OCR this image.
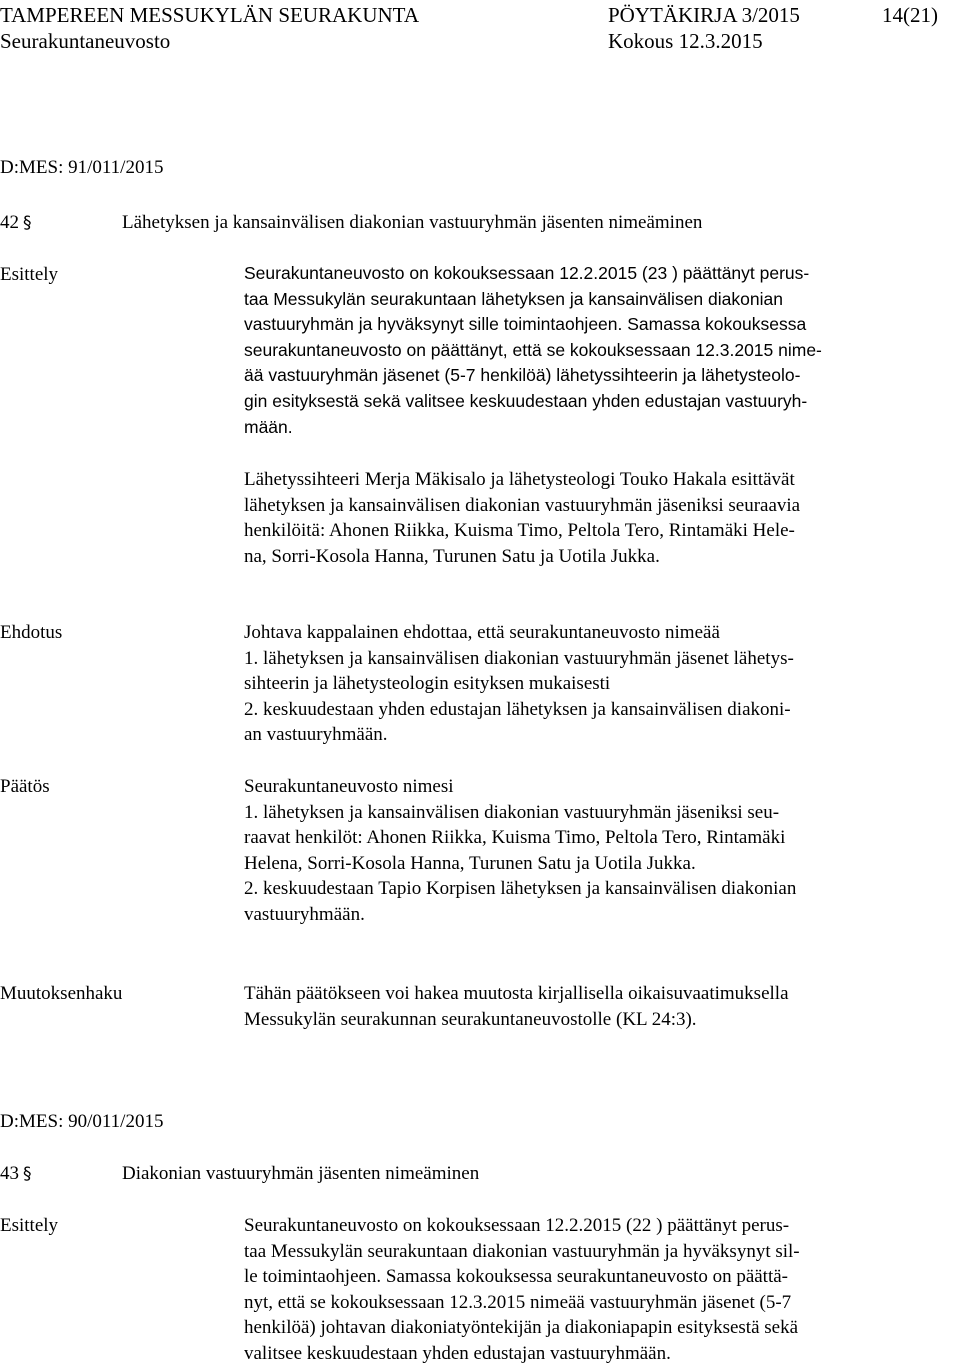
TAMPEREEN MESSUKYLÄN SEURAKUNTA	PÖYTÄKIRJA 3/2015	14(21)
Seurakuntaneuvosto	Kokous 12.3.2015
D:MES: 91/011/2015
42 §	Lähetyksen ja kansainvälisen diakonian vastuuryhmän jäsenten nimeäminen
Esittely	Seurakuntaneuvosto on kokouksessaan 12.2.2015 (23 ) päättänyt perus-
taa Messukylän seurakuntaan lähetyksen ja kansainvälisen diakonian
vastuuryhmän ja hyväksynyt sille toimintaohjeen. Samassa kokouksessa
seurakuntaneuvosto on päättänyt, että se kokouksessaan 12.3.2015 nime-
ää vastuuryhmän jäsenet (5-7 henkilöä) lähetyssihteerin ja lähetysteolo-
gin esityksestä sekä valitsee keskuudestaan yhden edustajan vastuuryh-
mään.
Lähetyssihteeri Merja Mäkisalo ja lähetysteologi Touko Hakala esittävät
lähetyksen ja kansainvälisen diakonian vastuuryhmän jäseniksi seuraavia
henkilöitä: Ahonen Riikka, Kuisma Timo, Peltola Tero, Rintamäki Hele-
na, Sorri-Kosola Hanna, Turunen Satu ja Uotila Jukka.
Ehdotus	Johtava kappalainen ehdottaa, että seurakuntaneuvosto nimeää
1. lähetyksen ja kansainvälisen diakonian vastuuryhmän jäsenet lähetys-
sihteerin ja lähetysteologin esityksen mukaisesti
2. keskuudestaan yhden edustajan lähetyksen ja kansainvälisen diakoni-
an vastuuryhmään.
Päätös	Seurakuntaneuvosto nimesi
1. lähetyksen ja kansainvälisen diakonian vastuuryhmän jäseniksi seu-
raavat henkilöt: Ahonen Riikka, Kuisma Timo, Peltola Tero, Rintamäki
Helena, Sorri-Kosola Hanna, Turunen Satu ja Uotila Jukka.
2. keskuudestaan Tapio Korpisen lähetyksen ja kansainvälisen diakonian
vastuuryhmään.
Muutoksenhaku	Tähän päätökseen voi hakea muutosta kirjallisella oikaisuvaatimuksella
Messukylän seurakunnan seurakuntaneuvostolle (KL 24:3).
D:MES: 90/011/2015
43 §	Diakonian vastuuryhmän jäsenten nimeäminen
Esittely	Seurakuntaneuvosto on kokouksessaan 12.2.2015 (22 ) päättänyt perus-
taa Messukylän seurakuntaan diakonian vastuuryhmän ja hyväksynyt sil-
le toimintaohjeen. Samassa kokouksessa seurakuntaneuvosto on päättä-
nyt, että se kokouksessaan 12.3.2015 nimeää vastuuryhmän jäsenet (5-7
henkilöä) johtavan diakoniatyöntekijän ja diakoniapapin esityksestä sekä
valitsee keskuudestaan yhden edustajan vastuuryhmään.
